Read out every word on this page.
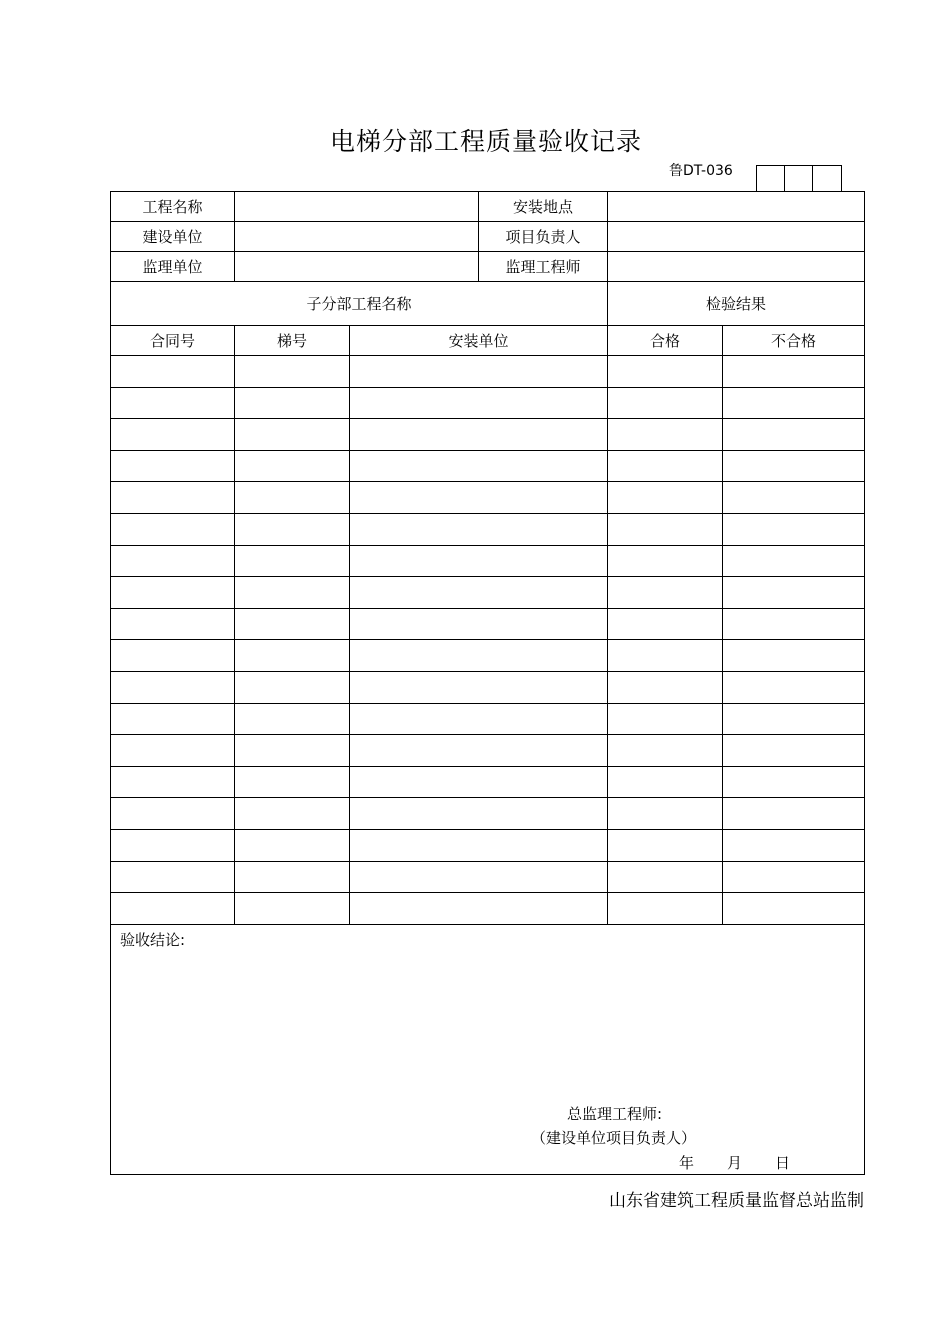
电梯分部工程质量验收记录
鲁DT-036
工程名称			安装地点		
建设单位			项目负责人		
监理单位			监理工程师		
子分部工程名称				检验结果	
合同号	梯号	安装单位		合格	不合格

验收结论:
总监理工程师:
（建设单位项目负责人）
年 月 日					
山东省建筑工程质量监督总站监制
